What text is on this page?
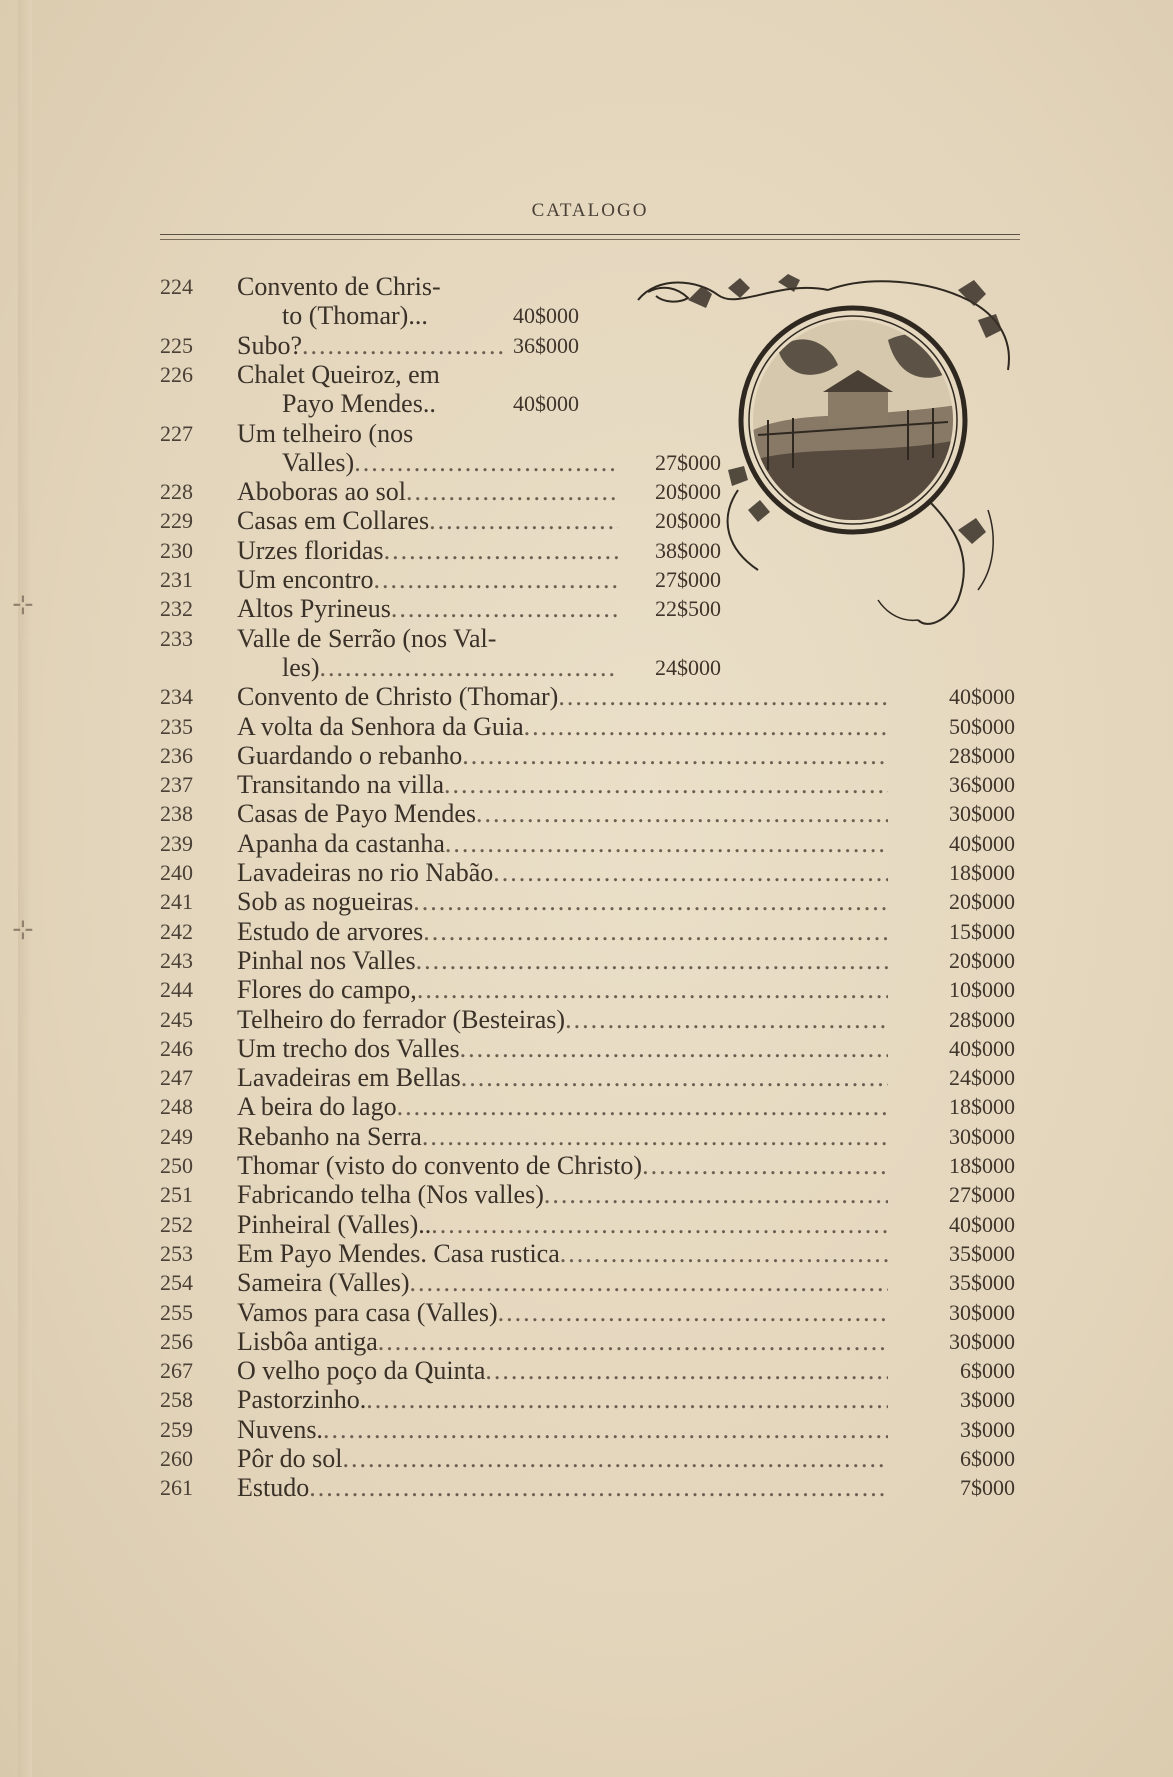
⊹
⊹
CATALOGO
224	Convento de Chris-
to (Thomar)...	40$000
225	Subo? .....	36$000
226	Chalet Queiroz, em
Payo Mendes..	40$000
227	Um telheiro (nos
Valles) .....	27$000
228	Aboboras ao sol .....	20$000
229	Casas em Collares .....	20$000
230	Urzes floridas .....	38$000
231	Um encontro .....	27$000
232	Altos Pyrineus .....	22$500
233	Valle de Serrão (nos Val-
les) .....	24$000
234	Convento de Christo (Thomar) .....	40$000
235	A volta da Senhora da Guia .....	50$000
236	Guardando o rebanho .....	28$000
237	Transitando na villa .....	36$000
238	Casas de Payo Mendes .....	30$000
239	Apanha da castanha .....	40$000
240	Lavadeiras no rio Nabão .....	18$000
241	Sob as nogueiras .....	20$000
242	Estudo de arvores .....	15$000
243	Pinhal nos Valles .....	20$000
244	Flores do campo, .....	10$000
245	Telheiro do ferrador (Besteiras) .....	28$000
246	Um trecho dos Valles .....	40$000
247	Lavadeiras em Bellas .....	24$000
248	A beira do lago .....	18$000
249	Rebanho na Serra .....	30$000
250	Thomar (visto do convento de Christo) .....	18$000
251	Fabricando telha (Nos valles) .....	27$000
252	Pinheiral (Valles).. .....	40$000
253	Em Payo Mendes. Casa rustica .....	35$000
254	Sameira (Valles) .....	35$000
255	Vamos para casa (Valles) .....	30$000
256	Lisbôa antiga .....	30$000
267	O velho poço da Quinta .....	6$000
258	Pastorzinho. .....	3$000
259	Nuvens. .....	3$000
260	Pôr do sol .....	6$000
261	Estudo .....	7$000
